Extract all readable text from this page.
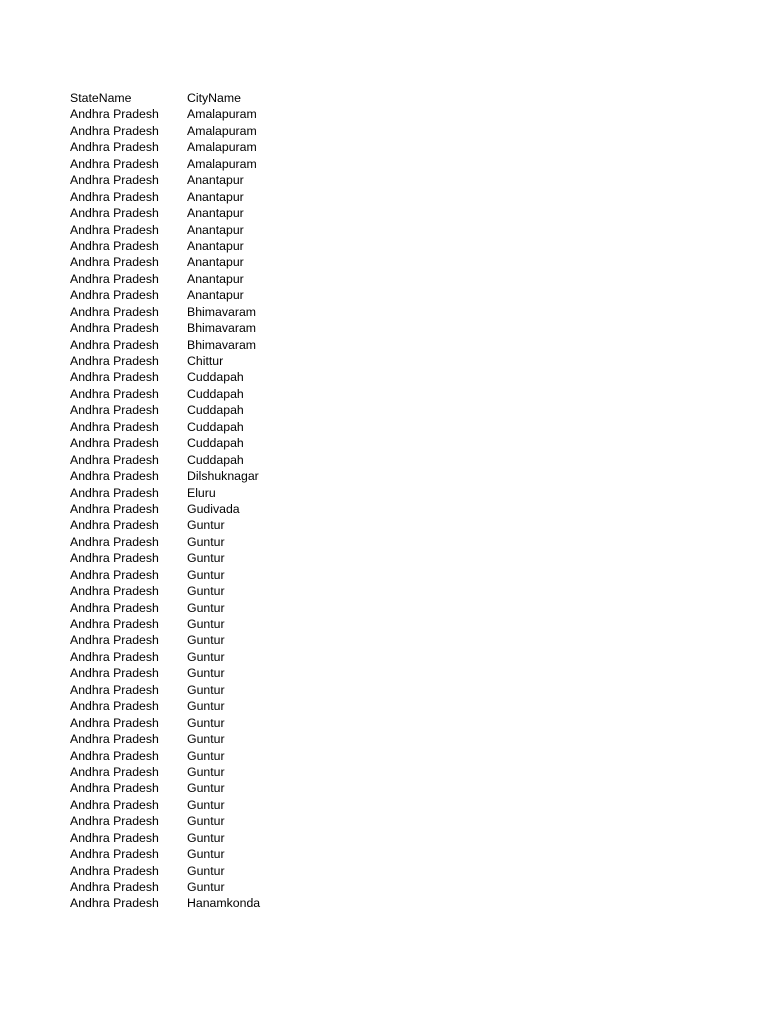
StateName	CityName
Andhra Pradesh	Amalapuram
Andhra Pradesh	Amalapuram
Andhra Pradesh	Amalapuram
Andhra Pradesh	Amalapuram
Andhra Pradesh	Anantapur
Andhra Pradesh	Anantapur
Andhra Pradesh	Anantapur
Andhra Pradesh	Anantapur
Andhra Pradesh	Anantapur
Andhra Pradesh	Anantapur
Andhra Pradesh	Anantapur
Andhra Pradesh	Anantapur
Andhra Pradesh	Bhimavaram
Andhra Pradesh	Bhimavaram
Andhra Pradesh	Bhimavaram
Andhra Pradesh	Chittur
Andhra Pradesh	Cuddapah
Andhra Pradesh	Cuddapah
Andhra Pradesh	Cuddapah
Andhra Pradesh	Cuddapah
Andhra Pradesh	Cuddapah
Andhra Pradesh	Cuddapah
Andhra Pradesh	Dilshuknagar
Andhra Pradesh	Eluru
Andhra Pradesh	Gudivada
Andhra Pradesh	Guntur
Andhra Pradesh	Guntur
Andhra Pradesh	Guntur
Andhra Pradesh	Guntur
Andhra Pradesh	Guntur
Andhra Pradesh	Guntur
Andhra Pradesh	Guntur
Andhra Pradesh	Guntur
Andhra Pradesh	Guntur
Andhra Pradesh	Guntur
Andhra Pradesh	Guntur
Andhra Pradesh	Guntur
Andhra Pradesh	Guntur
Andhra Pradesh	Guntur
Andhra Pradesh	Guntur
Andhra Pradesh	Guntur
Andhra Pradesh	Guntur
Andhra Pradesh	Guntur
Andhra Pradesh	Guntur
Andhra Pradesh	Guntur
Andhra Pradesh	Guntur
Andhra Pradesh	Guntur
Andhra Pradesh	Guntur
Andhra Pradesh	Hanamkonda
